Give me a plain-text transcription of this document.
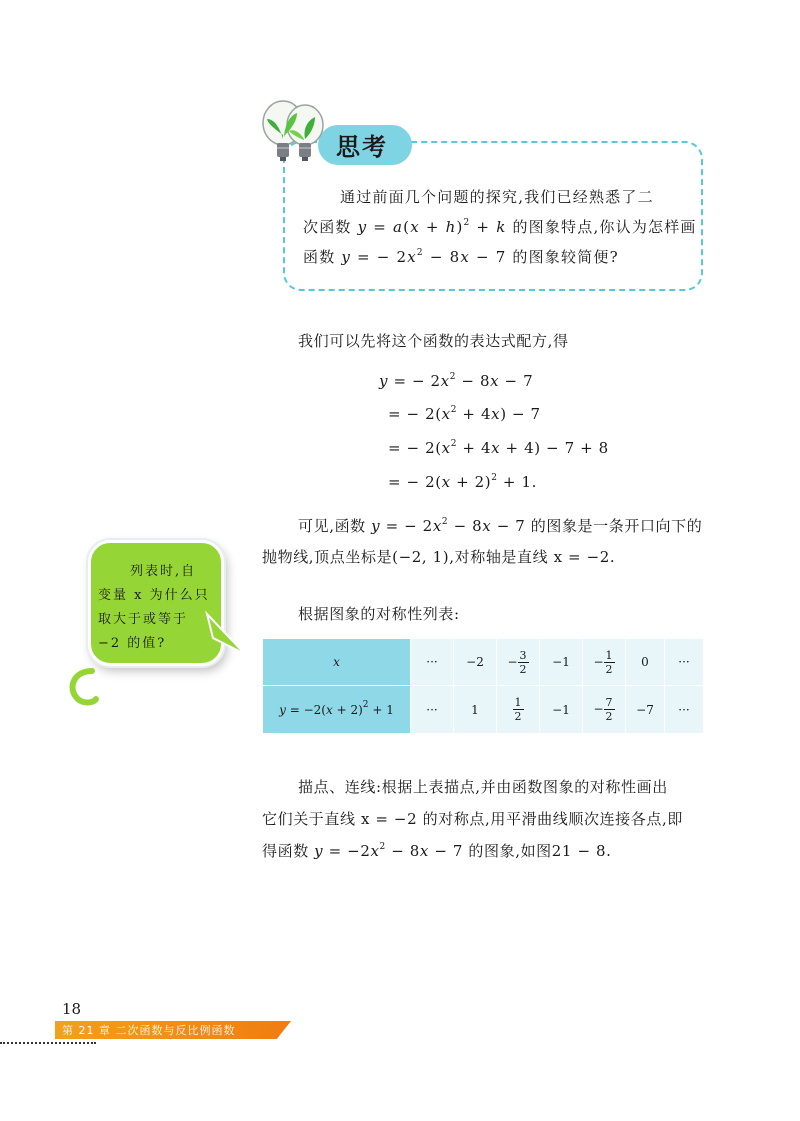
思考
通过前面几个问题的探究,我们已经熟悉了二
次函数 $y = a(x + h)^2 + k$ 的图象特点,你认为怎样画
函数 y = − $2x^2 - 8x - 7$ 的图象较简便?
我们可以先将这个函数的表达式配方,得
y = − $2x^2 - 8x - 7$
= − $2(x^2 + 4x) - 7$
= − $2(x^2 + 4x + 4) - 7 + 8$
= − $2(x + 2)^2 + 1$.
可见,函数 y = − $2x^2 - 8x - 7$ 的图象是一条开口向下的
抛物线,顶点坐标是(−2, 1),对称轴是直线 x = −2.
列表时,自
变量 x 为什么只
取大于或等于
−2 的值?
根据图象的对称性列表:
x	···	−2	− $\frac{3}{2}$	−1	− $\frac{1}{2}$	0	···
$y = -2(x + 2)^2 + 1$	···	1	$\frac{1}{2}$	−1	− $\frac{7}{2}$	−7	···
描点、连线:根据上表描点,并由函数图象的对称性画出
它们关于直线 x = −2 的对称点,用平滑曲线顺次连接各点,即
得函数 $y = -2x^2 - 8x - 7$ 的图象,如图21 − 8.
18
第 21 章 二次函数与反比例函数
